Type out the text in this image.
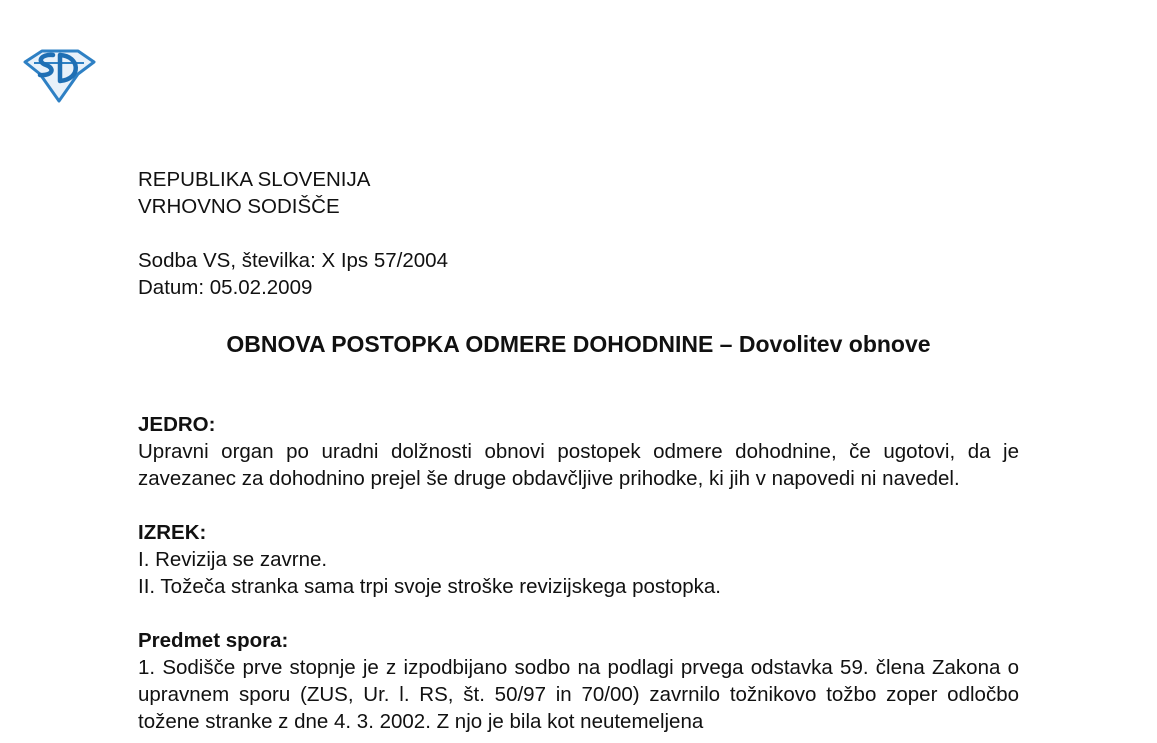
REPUBLIKA SLOVENIJA
VRHOVNO SODIŠČE
Sodba VS, številka: X Ips 57/2004
Datum: 05.02.2009
OBNOVA POSTOPKA ODMERE DOHODNINE – Dovolitev obnove
JEDRO:
Upravni organ po uradni dolžnosti obnovi postopek odmere dohodnine, če ugotovi, da je zavezanec za dohodnino prejel še druge obdavčljive prihodke, ki jih v napovedi ni navedel.
IZREK:
I. Revizija se zavrne.
II. Tožeča stranka sama trpi svoje stroške revizijskega postopka.
Predmet spora:
1. Sodišče prve stopnje je z izpodbijano sodbo na podlagi prvega odstavka 59. člena Zakona o upravnem sporu (ZUS, Ur. l. RS, št. 50/97 in 70/00) zavrnilo tožnikovo tožbo zoper odločbo tožene stranke z dne 4. 3. 2002. Z njo je bila kot neutemeljena
